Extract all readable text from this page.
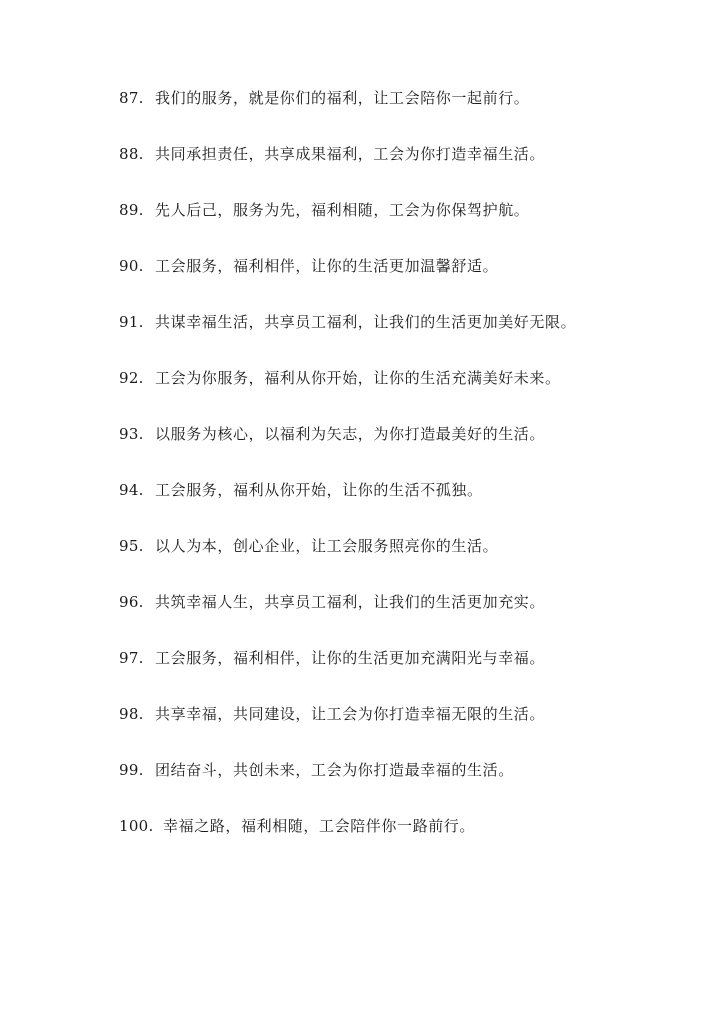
87. 我们的服务，就是你们的福利，让工会陪你一起前行。
88. 共同承担责任，共享成果福利，工会为你打造幸福生活。
89. 先人后己，服务为先，福利相随，工会为你保驾护航。
90. 工会服务，福利相伴，让你的生活更加温馨舒适。
91. 共谋幸福生活，共享员工福利，让我们的生活更加美好无限。
92. 工会为你服务，福利从你开始，让你的生活充满美好未来。
93. 以服务为核心，以福利为矢志，为你打造最美好的生活。
94. 工会服务，福利从你开始，让你的生活不孤独。
95. 以人为本，创心企业，让工会服务照亮你的生活。
96. 共筑幸福人生，共享员工福利，让我们的生活更加充实。
97. 工会服务，福利相伴，让你的生活更加充满阳光与幸福。
98. 共享幸福，共同建设，让工会为你打造幸福无限的生活。
99. 团结奋斗，共创未来，工会为你打造最幸福的生活。
100. 幸福之路，福利相随，工会陪伴你一路前行。
